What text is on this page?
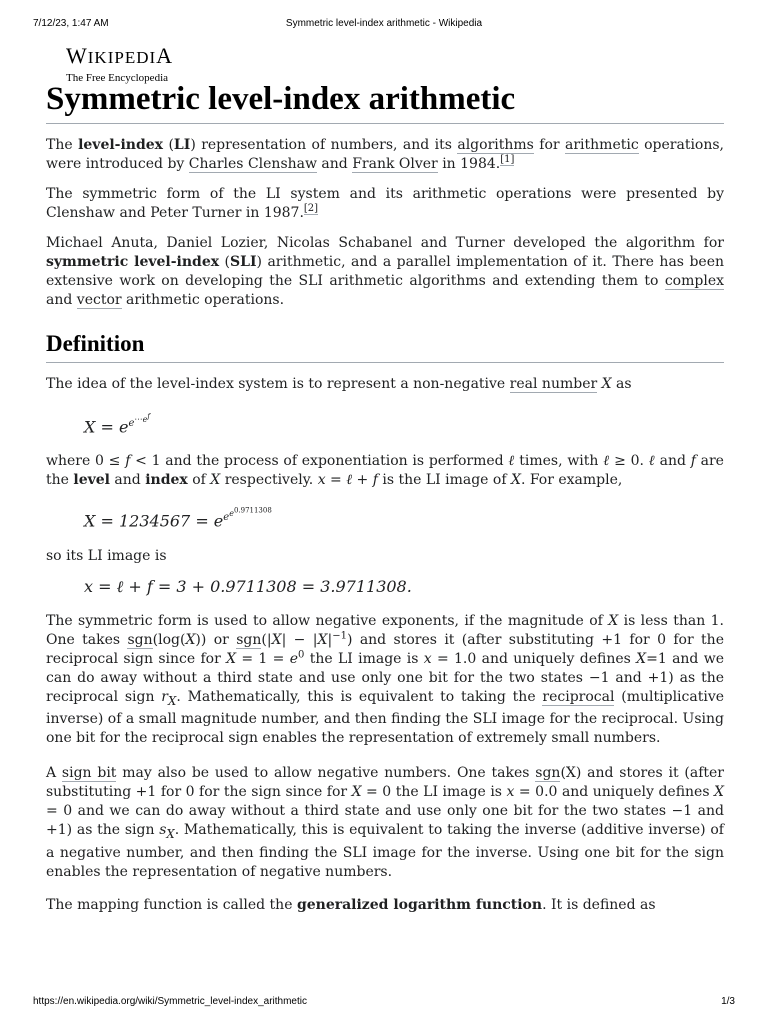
7/12/23, 1:47 AM	Symmetric level-index arithmetic - Wikipedia
WIKIPEDIA
The Free Encyclopedia
Symmetric level-index arithmetic

The level-index (LI) representation of numbers, and its algorithms for arithmetic operations, were introduced by Charles Clenshaw and Frank Olver in 1984.[1]

The symmetric form of the LI system and its arithmetic operations were presented by Clenshaw and Peter Turner in 1987.[2]

Michael Anuta, Daniel Lozier, Nicolas Schabanel and Turner developed the algorithm for symmetric level-index (SLI) arithmetic, and a parallel implementation of it. There has been extensive work on developing the SLI arithmetic algorithms and extending them to complex and vector arithmetic operations.

Definition

The idea of the level-index system is to represent a non-negative real number X as

$X = e^{e^{\cdot\cdot\cdot e^f}}$

where 0 ≤ f < 1 and the process of exponentiation is performed ℓ times, with ℓ ≥ 0. ℓ and f are the level and index of X respectively. x = ℓ + f is the LI image of X. For example,

$X = 1234567 = e^{e^{e^{0.9711308}}}$

so its LI image is

x = ℓ + f = 3 + 0.9711308 = 3.9711308.

The symmetric form is used to allow negative exponents, if the magnitude of X is less than 1. One takes sgn(log(X)) or $sgn(|X| - |X|^{-1})$ and stores it (after substituting +1 for 0 for the reciprocal sign since for $X = 1 = e^0$ the LI image is x = 1.0 and uniquely defines X=1 and we can do away without a third state and use only one bit for the two states −1 and +1) as the reciprocal sign $r_X$. Mathematically, this is equivalent to taking the reciprocal (multiplicative inverse) of a small magnitude number, and then finding the SLI image for the reciprocal. Using one bit for the reciprocal sign enables the representation of extremely small numbers.

A sign bit may also be used to allow negative numbers. One takes sgn(X) and stores it (after substituting +1 for 0 for the sign since for X = 0 the LI image is x = 0.0 and uniquely defines X = 0 and we can do away without a third state and use only one bit for the two states −1 and +1) as the sign $s_X$. Mathematically, this is equivalent to taking the inverse (additive inverse) of a negative number, and then finding the SLI image for the inverse. Using one bit for the sign enables the representation of negative numbers.

The mapping function is called the generalized logarithm function. It is defined as

https://en.wikipedia.org/wiki/Symmetric_level-index_arithmetic	1/3
